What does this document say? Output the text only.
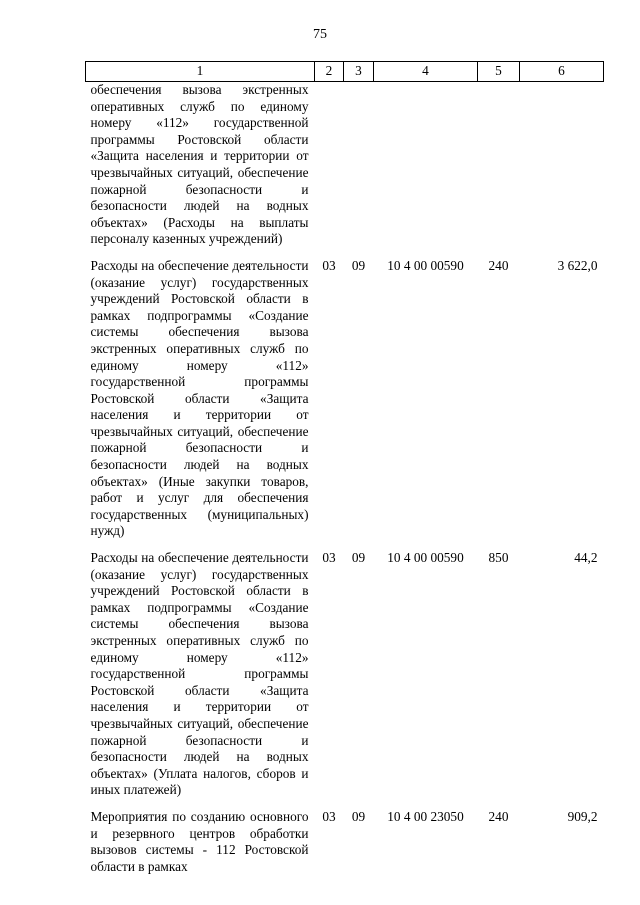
75
1	2	3	4	5	6
обеспечения вызова экстренных оперативных служб по единому номеру «112» государственной программы Ростовской области «Защита населения и территории от чрезвычайных ситуаций, обеспечение пожарной безопасности и безопасности людей на водных объектах» (Расходы на выплаты персоналу казенных учреждений)					
Расходы на обеспечение деятельности (оказание услуг) государственных учреждений Ростовской области в рамках подпрограммы «Создание системы обеспечения вызова экстренных оперативных служб по единому номеру «112» государственной программы Ростовской области «Защита населения и территории от чрезвычайных ситуаций, обеспечение пожарной безопасности и безопасности людей на водных объектах» (Иные закупки товаров, работ и услуг для обеспечения государственных (муниципальных) нужд)	03	09	10 4 00 00590	240	3 622,0
Расходы на обеспечение деятельности (оказание услуг) государственных учреждений Ростовской области в рамках подпрограммы «Создание системы обеспечения вызова экстренных оперативных служб по единому номеру «112» государственной программы Ростовской области «Защита населения и территории от чрезвычайных ситуаций, обеспечение пожарной безопасности и безопасности людей на водных объектах» (Уплата налогов, сборов и иных платежей)	03	09	10 4 00 00590	850	44,2
Мероприятия по созданию основного и резервного центров обработки вызовов системы - 112 Ростовской области в рамках	03	09	10 4 00 23050	240	909,2
